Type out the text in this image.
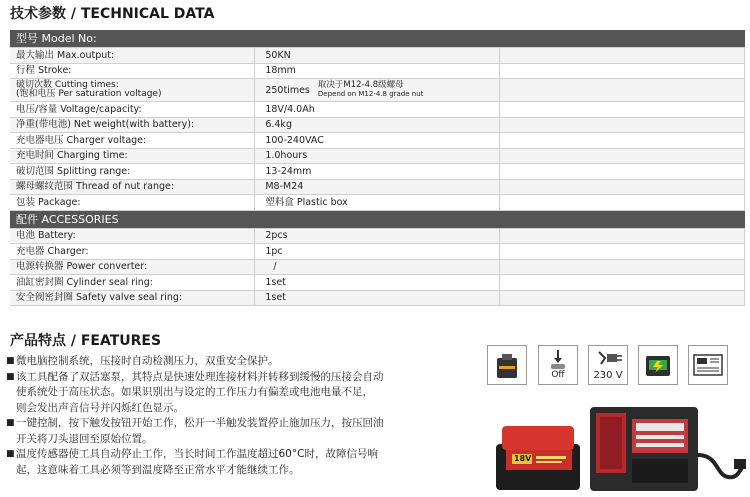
技术参数 / TECHNICAL DATA
型号 Model No:		
最大输出 Max.output:	50KN	
行程 Stroke:	18mm	

破切次数 Cutting times:
(饱和电压 Per saturation voltage)	250times 取决于M12-4.8级螺母
Depend on M12-4.8 grade nut	

电压/容量 Voltage/capacity:	18V/4.0Ah	
净重(带电池) Net weight(with battery):	6.4kg	
充电器电压 Charger voltage:	100-240VAC	
充电时间 Charging time:	1.0hours	
破切范围 Splitting range:	13-24mm	
螺母螺纹范围 Thread of nut range:	M8-M24	
包装 Package:	塑料盒 Plastic box	
配件 ACCESSORIES		
电池 Battery:	2pcs	
充电器 Charger:	1pc	
电源转换器 Power converter:	/	
油缸密封圈 Cylinder seal ring:	1set	
安全阀密封圈 Safety valve seal ring:	1set	
产品特点 / FEATURES
■ 微电脑控制系统，压接时自动检测压力，双重安全保护。
■ 该工具配备了双活塞泵，其特点是快速处理连接材料并转移到缓慢的压接会自动
使系统处于高压状态。如果识别出与设定的工作压力有偏差或电池电量不足，
则会发出声音信号并闪烁红色显示。
■ 一键控制，按下触发按钮开始工作，松开一半触发装置停止施加压力，按压回油
开关将刀头退回至原始位置。
■ 温度传感器使工具自动停止工作，当长时间工作温度超过60°C时，故障信号响
起，这意味着工具必须等到温度降至正常水平才能继续工作。
Off	230 V
18V
